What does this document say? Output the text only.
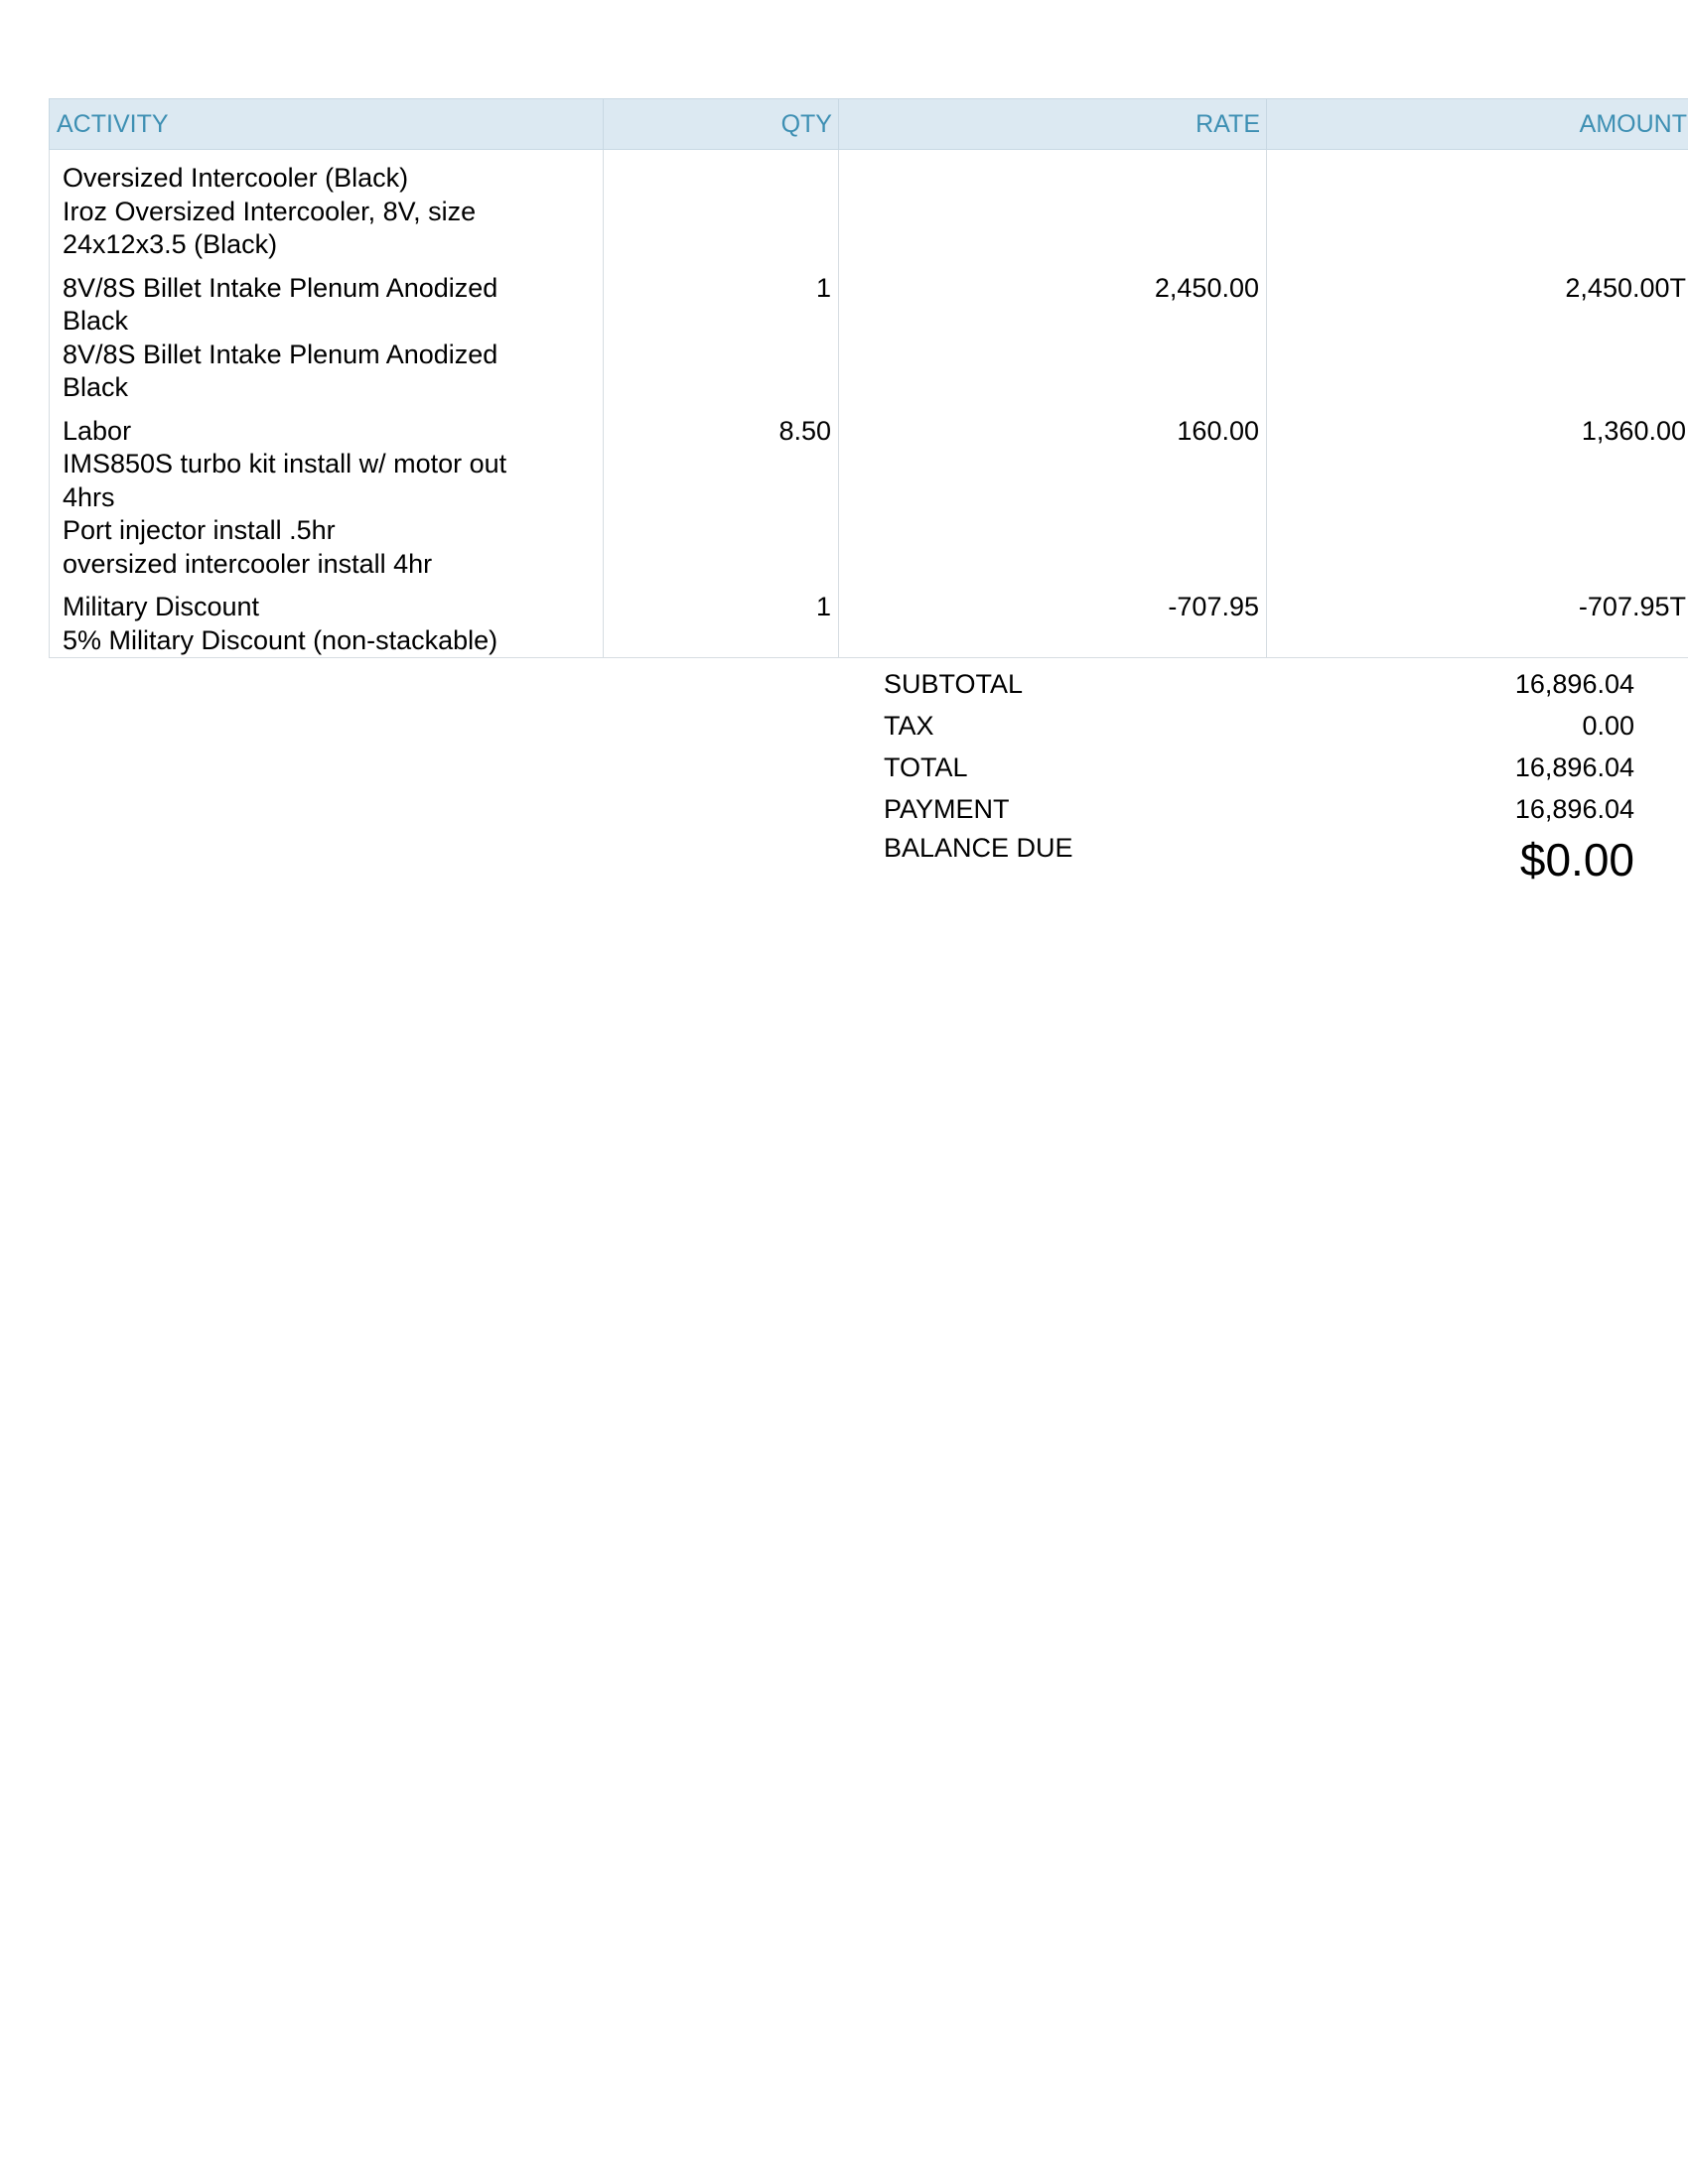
ACTIVITY	QTY	RATE	AMOUNT

Oversized Intercooler (Black)
Iroz Oversized Intercooler, 8V, size
24x12x3.5 (Black)			

8V/8S Billet Intake Plenum Anodized
Black
8V/8S Billet Intake Plenum Anodized
Black	1	2,450.00	2,450.00T

Labor
IMS850S turbo kit install w/ motor out
4hrs
Port injector install .5hr
oversized intercooler install 4hr	8.50	160.00	1,360.00

Military Discount
5% Military Discount (non-stackable)	1	-707.95	-707.95T
SUBTOTAL	16,896.04
TAX	0.00
TOTAL	16,896.04
PAYMENT	16,896.04
BALANCE DUE	$0.00
